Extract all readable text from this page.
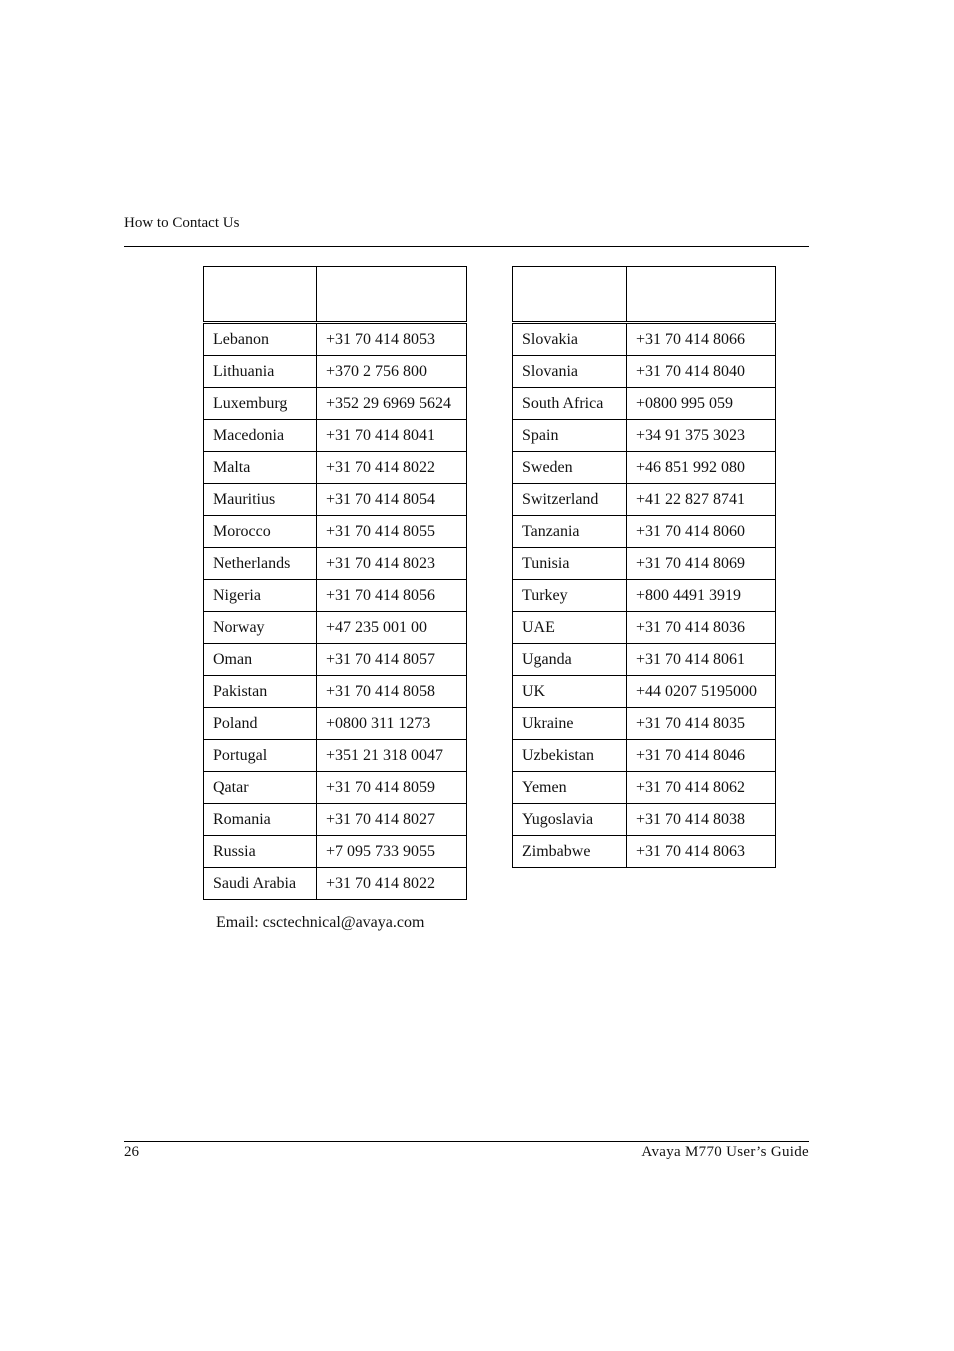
How to Contact Us

Lebanon	+31 70 414 8053
Lithuania	+370 2 756 800
Luxemburg	+352 29 6969 5624
Macedonia	+31 70 414 8041
Malta	+31 70 414 8022
Mauritius	+31 70 414 8054
Morocco	+31 70 414 8055
Netherlands	+31 70 414 8023
Nigeria	+31 70 414 8056
Norway	+47 235 001 00
Oman	+31 70 414 8057
Pakistan	+31 70 414 8058
Poland	+0800 311 1273
Portugal	+351 21 318 0047
Qatar	+31 70 414 8059
Romania	+31 70 414 8027
Russia	+7 095 733 9055
Saudi Arabia	+31 70 414 8022

Slovakia	+31 70 414 8066
Slovania	+31 70 414 8040
South Africa	+0800 995 059
Spain	+34 91 375 3023
Sweden	+46 851 992 080
Switzerland	+41 22 827 8741
Tanzania	+31 70 414 8060
Tunisia	+31 70 414 8069
Turkey	+800 4491 3919
UAE	+31 70 414 8036
Uganda	+31 70 414 8061
UK	+44 0207 5195000
Ukraine	+31 70 414 8035
Uzbekistan	+31 70 414 8046
Yemen	+31 70 414 8062
Yugoslavia	+31 70 414 8038
Zimbabwe	+31 70 414 8063
Email: csctechnical@avaya.com
26	Avaya M770 User’s Guide
